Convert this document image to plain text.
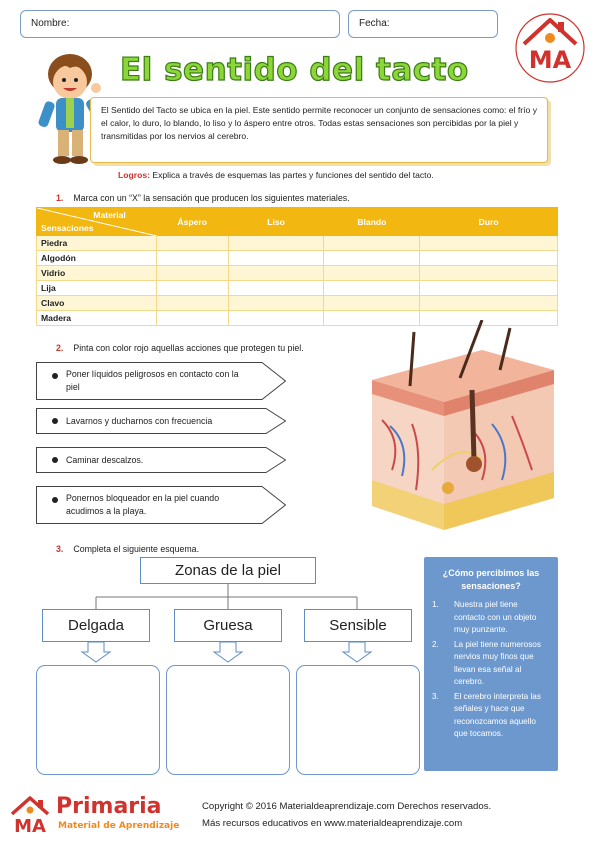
Nombre:	Fecha:
MA
El sentido del tacto
El Sentido del Tacto se ubica en la piel. Este sentido permite reconocer un conjunto de sensaciones como: el frío y el calor, lo duro, lo blando, lo liso y lo áspero entre otros. Todas estas sensaciones son percibidas por la piel y transmitidas por los nervios al cerebro.
Logros: Explica a través de esquemas las partes y funciones del sentido del tacto.
1. Marca con un “X” la sensación que producen los siguientes materiales.
Material
Sensaciones	Áspero	Liso	Blando	Duro
Piedra				
Algodón				
Vidrio				
Lija				
Clavo				
Madera				
2. Pinta con color rojo aquellas acciones que protegen tu piel.
Poner líquidos peligrosos en contacto con la piel
Lavarnos y ducharnos con frecuencia
Caminar descalzos.
Ponernos bloqueador en la piel cuando acudimos a la playa.
3. Completa el siguiente esquema.
Zonas de la piel
Delgada	Gruesa	Sensible
¿Cómo percibimos las sensaciones?
1.	Nuestra piel tiene contacto con un objeto muy punzante.
2.	La piel tiene numerosos nervios muy finos que llevan esa señal al cerebro.
3.	El cerebro interpreta las señales y hace que reconozcamos aquello que tocamos.
MA
Primaria
Material de Aprendizaje
Copyright © 2016 Materialdeaprendizaje.com Derechos reservados.
Más recursos educativos en www.materialdeaprendizaje.com
